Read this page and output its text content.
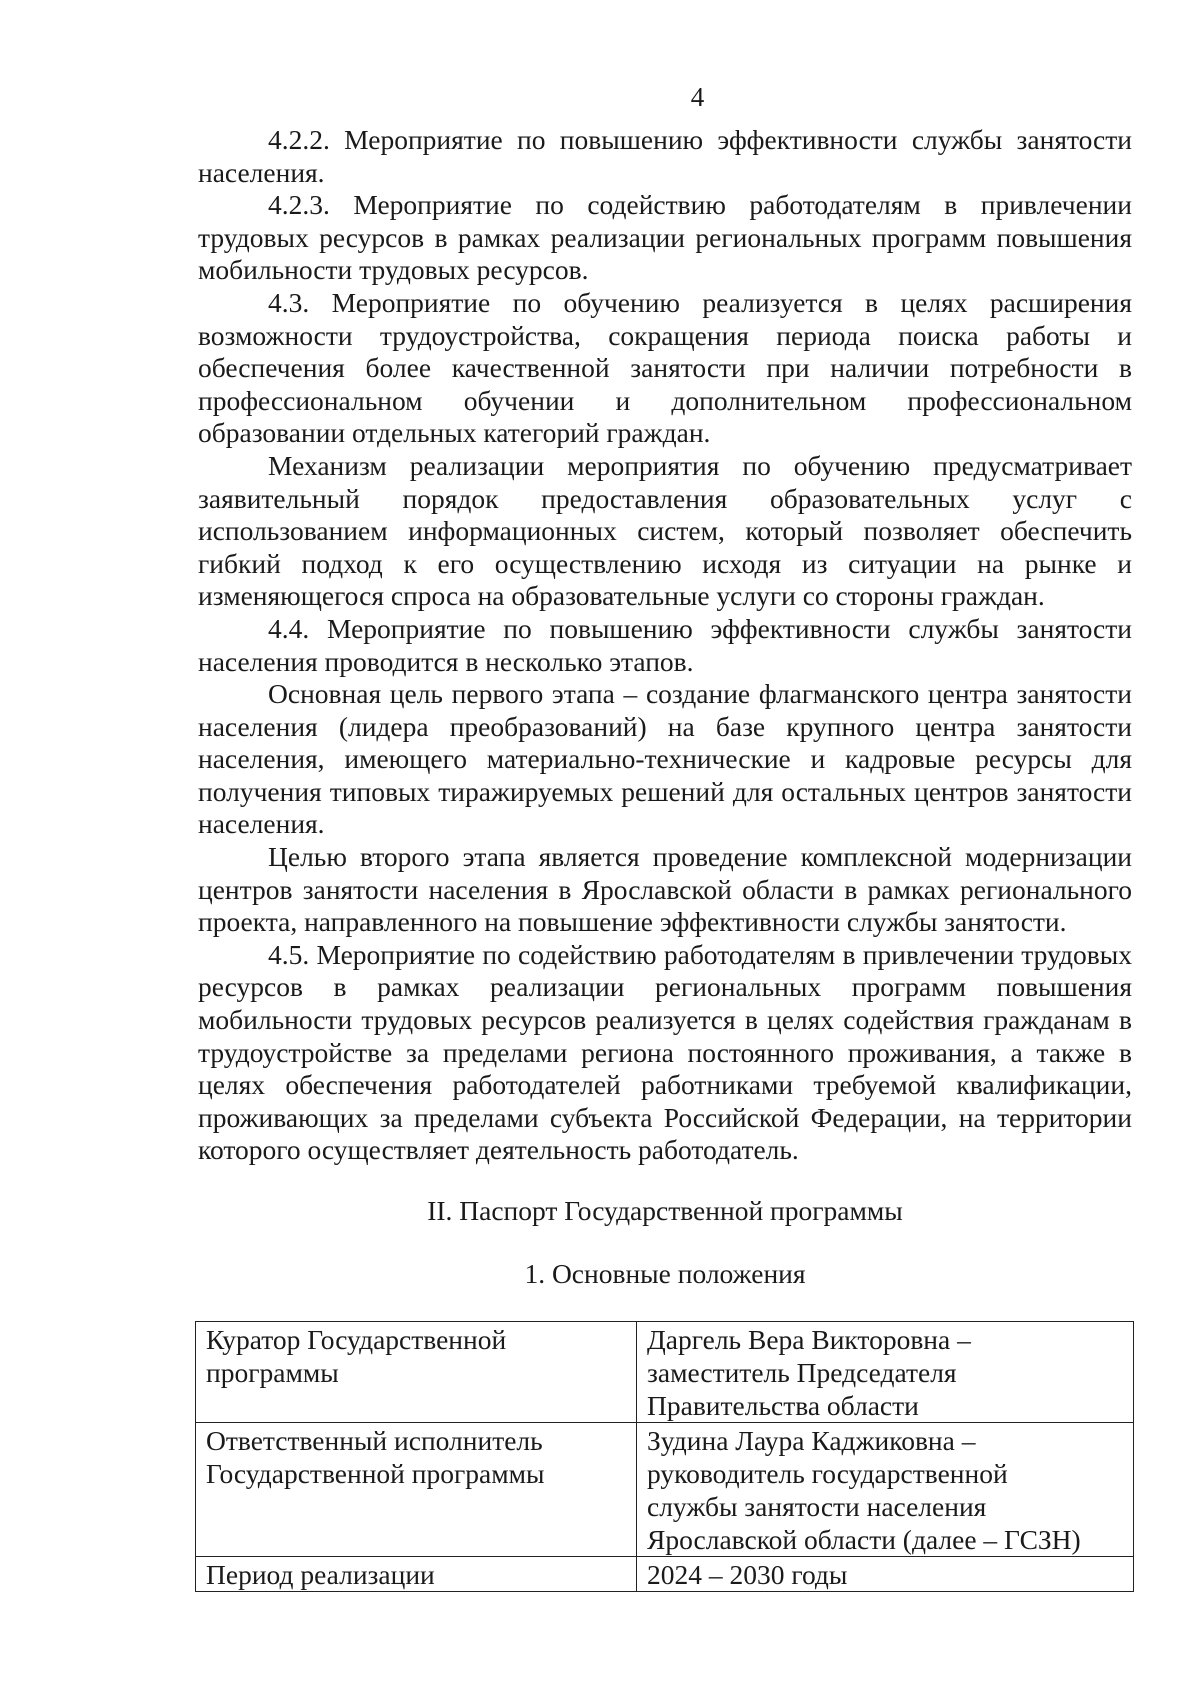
4

4.2.2. Мероприятие по повышению эффективности службы занятости населения.

4.2.3. Мероприятие по содействию работодателям в привлечении трудовых ресурсов в рамках реализации региональных программ повышения мобильности трудовых ресурсов.

4.3. Мероприятие по обучению реализуется в целях расширения возможности трудоустройства, сокращения периода поиска работы и обеспечения более качественной занятости при наличии потребности в профессиональном обучении и дополнительном профессиональном образовании отдельных категорий граждан.

Механизм реализации мероприятия по обучению предусматривает заявительный порядок предоставления образовательных услуг с использованием информационных систем, который позволяет обеспечить гибкий подход к его осуществлению исходя из ситуации на рынке и изменяющегося спроса на образовательные услуги со стороны граждан.

4.4. Мероприятие по повышению эффективности службы занятости населения проводится в несколько этапов.

Основная цель первого этапа – создание флагманского центра занятости населения (лидера преобразований) на базе крупного центра занятости населения, имеющего материально-технические и кадровые ресурсы для получения типовых тиражируемых решений для остальных центров занятости населения.

Целью второго этапа является проведение комплексной модернизации центров занятости населения в Ярославской области в рамках регионального проекта, направленного на повышение эффективности службы занятости.

4.5. Мероприятие по содействию работодателям в привлечении трудовых ресурсов в рамках реализации региональных программ повышения мобильности трудовых ресурсов реализуется в целях содействия гражданам в трудоустройстве за пределами региона постоянного проживания, а также в целях обеспечения работодателей работниками требуемой квалификации, проживающих за пределами субъекта Российской Федерации, на территории которого осуществляет деятельность работодатель.

II. Паспорт Государственной программы
1. Основные положения
Куратор Государственной
программы	Даргель Вера Викторовна –
заместитель Председателя
Правительства области

Ответственный исполнитель
Государственной программы	Зудина Лаура Каджиковна –
руководитель государственной
службы занятости населения
Ярославской области (далее – ГСЗН)

Период реализации	2024 – 2030 годы
